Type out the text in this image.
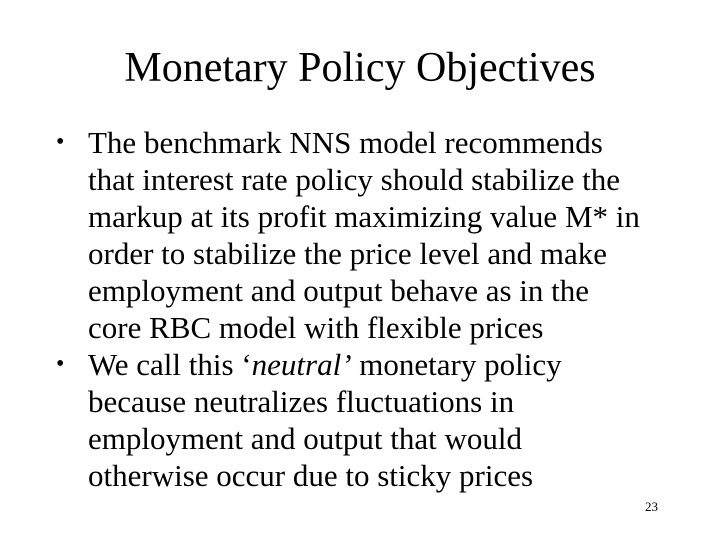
Monetary Policy Objectives
• The benchmark NNS model recommends
that interest rate policy should stabilize the
markup at its profit maximizing value M* in
order to stabilize the price level and make
employment and output behave as in the
core RBC model with flexible prices
• We call this ‘neutral’ monetary policy
because neutralizes fluctuations in
employment and output that would
otherwise occur due to sticky prices
23
